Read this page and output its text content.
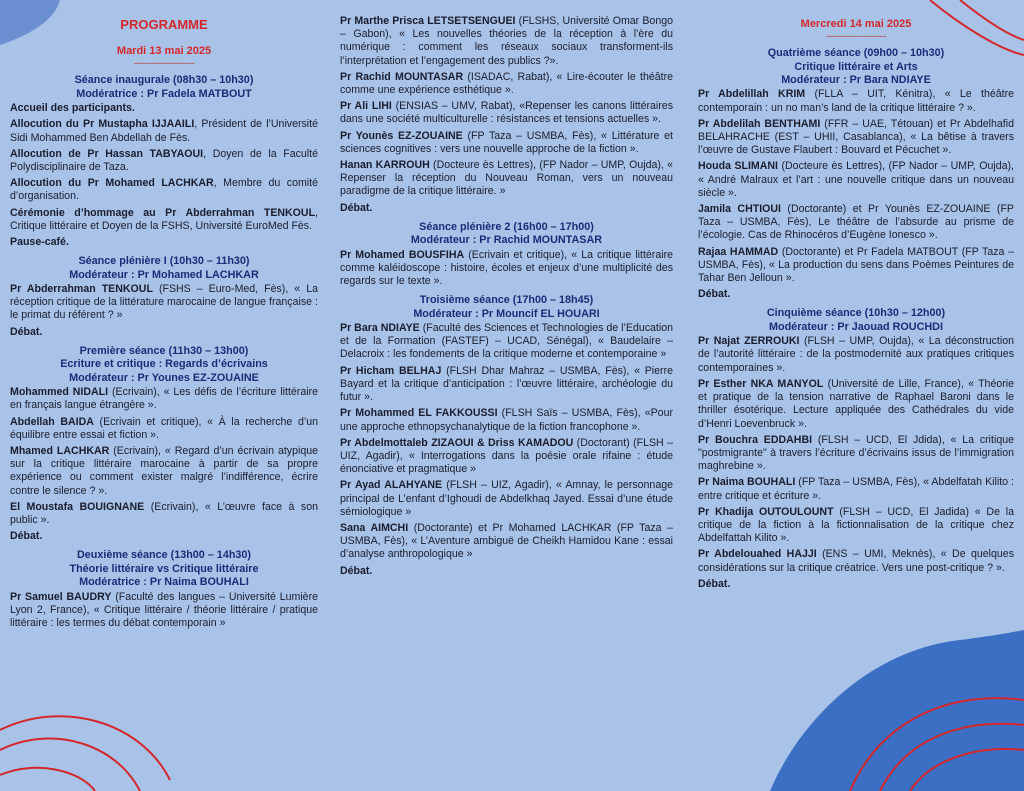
PROGRAMME
Mardi 13 mai 2025
------------------------
Séance inaugurale (08h30 – 10h30)
Modératrice : Pr Fadela MATBOUT
Accueil des participants.
Allocution du Pr Mustapha IJJAAILI, Président de l’Université Sidi Mohammed Ben Abdellah de Fès.
Allocution de Pr Hassan TABYAOUI, Doyen de la Faculté Polydisciplinaire de Taza.
Allocution du Pr Mohamed LACHKAR, Membre du comité d’organisation.
Cérémonie d’hommage au Pr Abderrahman TENKOUL, Critique littéraire et Doyen de la FSHS, Université EuroMed Fès.
Pause-café.
Séance plénière I (10h30 – 11h30)
Modérateur : Pr Mohamed LACHKAR
Pr Abderrahman TENKOUL (FSHS – Euro-Med, Fès), « La réception critique de la littérature marocaine de langue française : le primat du référent ? »
Débat.
Première séance (11h30 – 13h00)
Ecriture et critique : Regards d’écrivains
Modérateur : Pr Younes EZ-ZOUAINE
Mohammed NIDALI (Ecrivain), « Les défis de l’écriture littéraire en français langue étrangère ».
Abdellah BAIDA (Ecrivain et critique), « À la recherche d’un équilibre entre essai et fiction ».
Mhamed LACHKAR (Ecrivain), « Regard d’un écrivain atypique sur la critique littéraire marocaine à partir de sa propre expérience ou comment exister malgré l’indifférence, écrire contre le silence ? ».
El Moustafa BOUIGNANE (Ecrivain), « L’œuvre face à son public ».
Débat.
Deuxième séance (13h00 – 14h30)
Théorie littéraire vs Critique littéraire
Modératrice : Pr Naima BOUHALI
Pr Samuel BAUDRY (Faculté des langues – Université Lumière Lyon 2, France), « Critique littéraire / théorie littéraire / pratique littéraire : les termes du débat contemporain »
Pr Marthe Prisca LETSETSENGUEI (FLSHS, Université Omar Bongo – Gabon), « Les nouvelles théories de la réception à l’ère du numérique : comment les réseaux sociaux transforment-ils l’interprétation et l’engagement des publics ?».
Pr Rachid MOUNTASAR (ISADAC, Rabat), « Lire-écouter le théâtre comme une expérience esthétique ».
Pr Ali LIHI (ENSIAS – UMV, Rabat), «Repenser les canons littéraires dans une société multiculturelle : résistances et tensions actuelles ».
Pr Younès EZ-ZOUAINE (FP Taza – USMBA, Fès), « Littérature et sciences cognitives : vers une nouvelle approche de la fiction ».
Hanan KARROUH (Docteure ès Lettres), (FP Nador – UMP, Oujda), « Repenser la réception du Nouveau Roman, vers un nouveau paradigme de la critique littéraire. »
Débat.
Séance plénière 2 (16h00 – 17h00)
Modérateur : Pr Rachid MOUNTASAR
Pr Mohamed BOUSFIHA (Ecrivain et critique), « La critique littéraire comme kaléidoscope : histoire, écoles et enjeux d’une multiplicité des regards sur le texte ».
Troisième séance (17h00 – 18h45)
Modérateur : Pr Mouncif EL HOUARI
Pr Bara NDIAYE (Faculté des Sciences et Technologies de l’Education et de la Formation (FASTEF) – UCAD, Sénégal), « Baudelaire – Delacroix : les fondements de la critique moderne et contemporaine »
Pr Hicham BELHAJ (FLSH Dhar Mahraz – USMBA, Fès), « Pierre Bayard et la critique d’anticipation : l’œuvre littéraire, archéologie du futur ».
Pr Mohammed EL FAKKOUSSI (FLSH Saïs – USMBA, Fès), «Pour une approche ethnopsychanalytique de la fiction francophone ».
Pr Abdelmottaleb ZIZAOUI & Driss KAMADOU (Doctorant) (FLSH – UIZ, Agadir), « Interrogations dans la poésie orale rifaine : étude énonciative et pragmatique »
Pr Ayad ALAHYANE (FLSH – UIZ, Agadir), « Amnay, le personnage principal de L’enfant d’Ighoudi de Abdelkhaq Jayed. Essai d’une étude sémiologique »
Sana AIMCHI (Doctorante) et Pr Mohamed LACHKAR (FP Taza – USMBA, Fès), « L’Aventure ambiguë de Cheikh Hamidou Kane : essai d’analyse anthropologique »
Débat.
Mercredi 14 mai 2025
------------------------
Quatrième séance (09h00 – 10h30)
Critique littéraire et Arts
Modérateur : Pr Bara NDIAYE
Pr Abdelillah KRIM (FLLA – UIT, Kénitra), « Le théâtre contemporain : un no man’s land de la critique littéraire ? ».
Pr Abdelilah BENTHAMI (FFR – UAE, Tétouan) et Pr Abdelhafid BELAHRACHE (EST – UHII, Casablanca), « La bêtise à travers l’œuvre de Gustave Flaubert : Bouvard et Pécuchet ».
Houda SLIMANI (Docteure ès Lettres), (FP Nador – UMP, Oujda), « André Malraux et l’art : une nouvelle critique dans un nouveau siècle ».
Jamila CHTIOUI (Doctorante) et Pr Younès EZ-ZOUAINE (FP Taza – USMBA, Fès), Le théâtre de l’absurde au prisme de l’écologie. Cas de Rhinocéros d’Eugène Ionesco ».
Rajaa HAMMAD (Doctorante) et Pr Fadela MATBOUT (FP Taza – USMBA, Fès), « La production du sens dans Poèmes Peintures de Tahar Ben Jelloun ».
Débat.
Cinquième séance (10h30 – 12h00)
Modérateur : Pr Jaouad ROUCHDI
Pr Najat ZERROUKI (FLSH – UMP, Oujda), « La déconstruction de l’autorité littéraire : de la postmodernité aux pratiques critiques contemporaines ».
Pr Esther NKA MANYOL (Université de Lille, France), « Théorie et pratique de la tension narrative de Raphael Baroni dans le thriller ésotérique. Lecture appliquée des Cathédrales du vide d’Henri Loevenbruck ».
Pr Bouchra EDDAHBI (FLSH – UCD, El Jdida), « La critique "postmigrante" à travers l’écriture d’écrivains issus de l’immigration maghrebine ».
Pr Naima BOUHALI (FP Taza – USMBA, Fès), « Abdelfatah Kilito : entre critique et écriture ».
Pr Khadija OUTOULOUNT (FLSH – UCD, El Jadida) « De la critique de la fiction à la fictionnalisation de la critique chez Abdelfattah Kilito ».
Pr Abdelouahed HAJJI (ENS – UMI, Meknès), « De quelques considérations sur la critique créatrice. Vers une post-critique ? ».
Débat.
